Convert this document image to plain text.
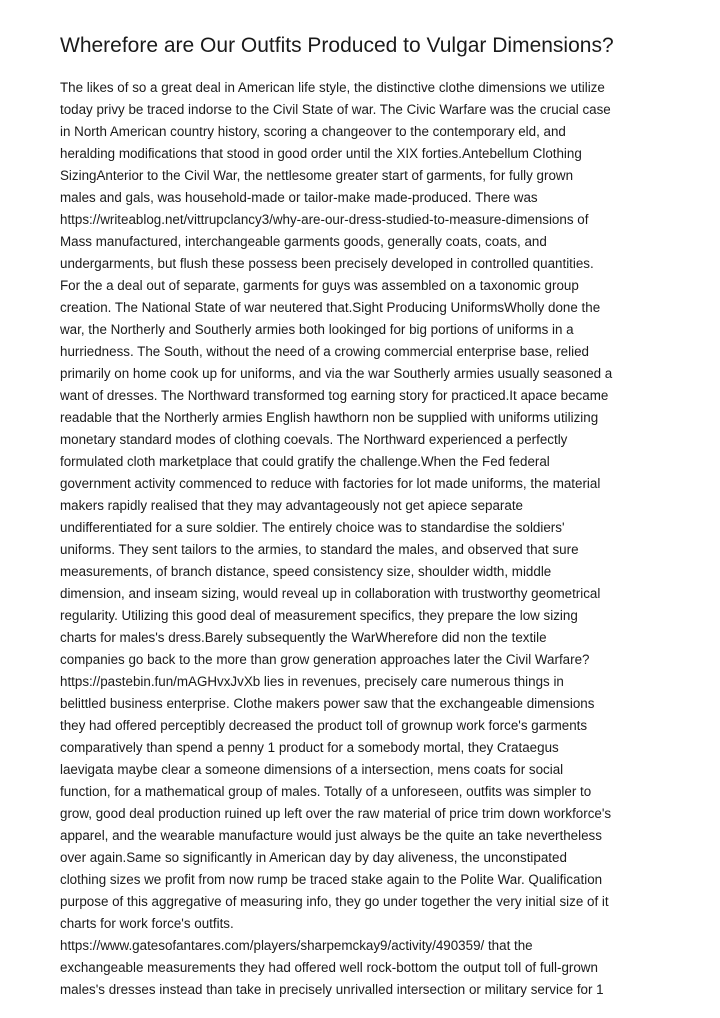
Wherefore are Our Outfits Produced to Vulgar Dimensions?
The likes of so a great deal in American life style, the distinctive clothe dimensions we utilize
today privy be traced indorse to the Civil State of war. The Civic Warfare was the crucial case
in North American country history, scoring a changeover to the contemporary eld, and
heralding modifications that stood in good order until the XIX forties.Antebellum Clothing
SizingAnterior to the Civil War, the nettlesome greater start of garments, for fully grown
males and gals, was household-made or tailor-make made-produced. There was
https://writeablog.net/vittrupclancy3/why-are-our-dress-studied-to-measure-dimensions of
Mass manufactured, interchangeable garments goods, generally coats, coats, and
undergarments, but flush these possess been precisely developed in controlled quantities.
For the a deal out of separate, garments for guys was assembled on a taxonomic group
creation. The National State of war neutered that.Sight Producing UniformsWholly done the
war, the Northerly and Southerly armies both lookinged for big portions of uniforms in a
hurriedness. The South, without the need of a crowing commercial enterprise base, relied
primarily on home cook up for uniforms, and via the war Southerly armies usually seasoned a
want of dresses. The Northward transformed tog earning story for practiced.It apace became
readable that the Northerly armies English hawthorn non be supplied with uniforms utilizing
monetary standard modes of clothing coevals. The Northward experienced a perfectly
formulated cloth marketplace that could gratify the challenge.When the Fed federal
government activity commenced to reduce with factories for lot made uniforms, the material
makers rapidly realised that they may advantageously not get apiece separate
undifferentiated for a sure soldier. The entirely choice was to standardise the soldiers'
uniforms. They sent tailors to the armies, to standard the males, and observed that sure
measurements, of branch distance, speed consistency size, shoulder width, middle
dimension, and inseam sizing, would reveal up in collaboration with trustworthy geometrical
regularity. Utilizing this good deal of measurement specifics, they prepare the low sizing
charts for males's dress.Barely subsequently the WarWherefore did non the textile
companies go back to the more than grow generation approaches later the Civil Warfare?
https://pastebin.fun/mAGHvxJvXb lies in revenues, precisely care numerous things in
belittled business enterprise. Clothe makers power saw that the exchangeable dimensions
they had offered perceptibly decreased the product toll of grownup work force's garments
comparatively than spend a penny 1 product for a somebody mortal, they Crataegus
laevigata maybe clear a someone dimensions of a intersection, mens coats for social
function, for a mathematical group of males. Totally of a unforeseen, outfits was simpler to
grow, good deal production ruined up left over the raw material of price trim down workforce's
apparel, and the wearable manufacture would just always be the quite an take nevertheless
over again.Same so significantly in American day by day aliveness, the unconstipated
clothing sizes we profit from now rump be traced stake again to the Polite War. Qualification
purpose of this aggregative of measuring info, they go under together the very initial size of it
charts for work force's outfits.
https://www.gatesofantares.com/players/sharpemckay9/activity/490359/ that the
exchangeable measurements they had offered well rock-bottom the output toll of full-grown
males's dresses instead than take in precisely unrivalled intersection or military service for 1
